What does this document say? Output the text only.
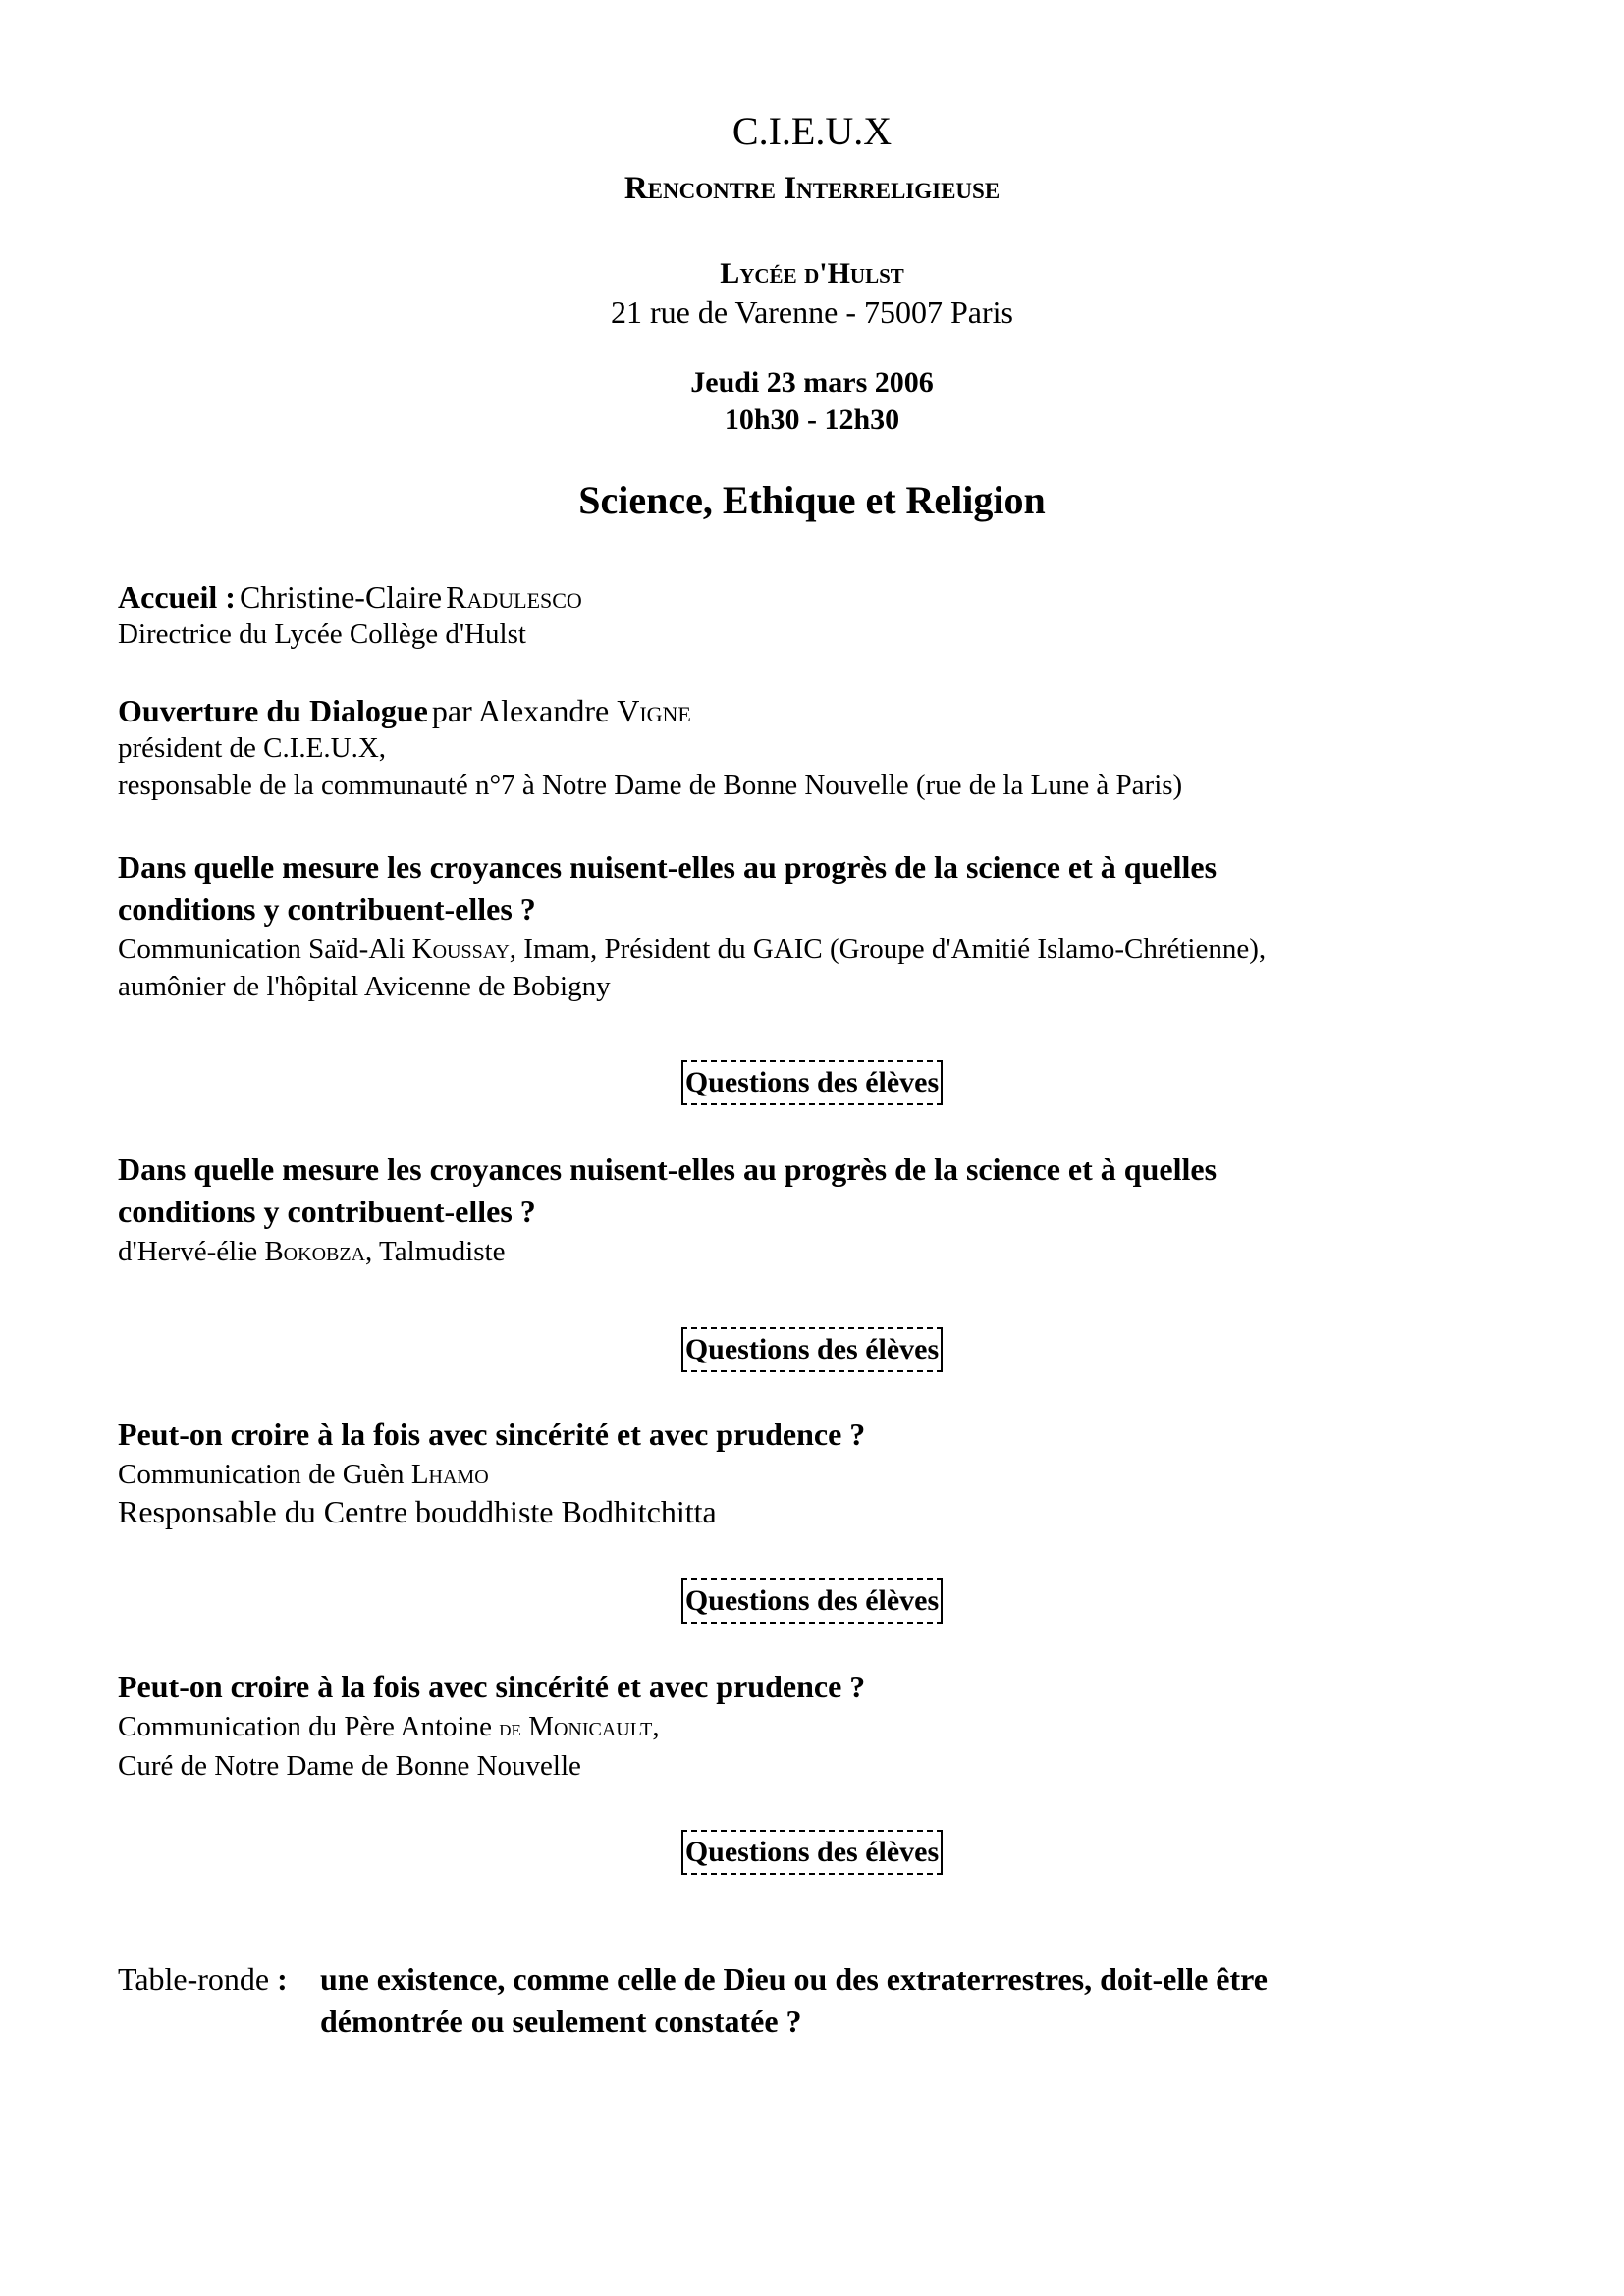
C.I.E.U.X
Rencontre Interreligieuse
Lycée d'Hulst
21 rue de Varenne - 75007 Paris
Jeudi 23 mars 2006
10h30 - 12h30
Science, Ethique et Religion
Accueil : Christine-Claire Radulesco
Directrice du Lycée Collège d'Hulst
Ouverture du Dialogue par Alexandre Vigne
président de C.I.E.U.X,
responsable de la communauté n°7 à Notre Dame de Bonne Nouvelle (rue de la Lune à Paris)
Dans quelle mesure les croyances nuisent-elles au progrès de la science et à quelles
conditions y contribuent-elles ?
Communication Saïd-Ali Koussay, Imam, Président du GAIC (Groupe d'Amitié Islamo-Chrétienne),
aumônier de l'hôpital Avicenne de Bobigny
Questions des élèves
Dans quelle mesure les croyances nuisent-elles au progrès de la science et à quelles
conditions y contribuent-elles ?
d'Hervé-élie Bokobza, Talmudiste
Questions des élèves
Peut-on croire à la fois avec sincérité et avec prudence ?
Communication de Guèn Lhamo
Responsable du Centre bouddhiste Bodhitchitta
Questions des élèves
Peut-on croire à la fois avec sincérité et avec prudence ?
Communication du Père Antoine de Monicault,
Curé de Notre Dame de Bonne Nouvelle
Questions des élèves
Table-ronde : une existence, comme celle de Dieu ou des extraterrestres, doit-elle être
démontrée ou seulement constatée ?
